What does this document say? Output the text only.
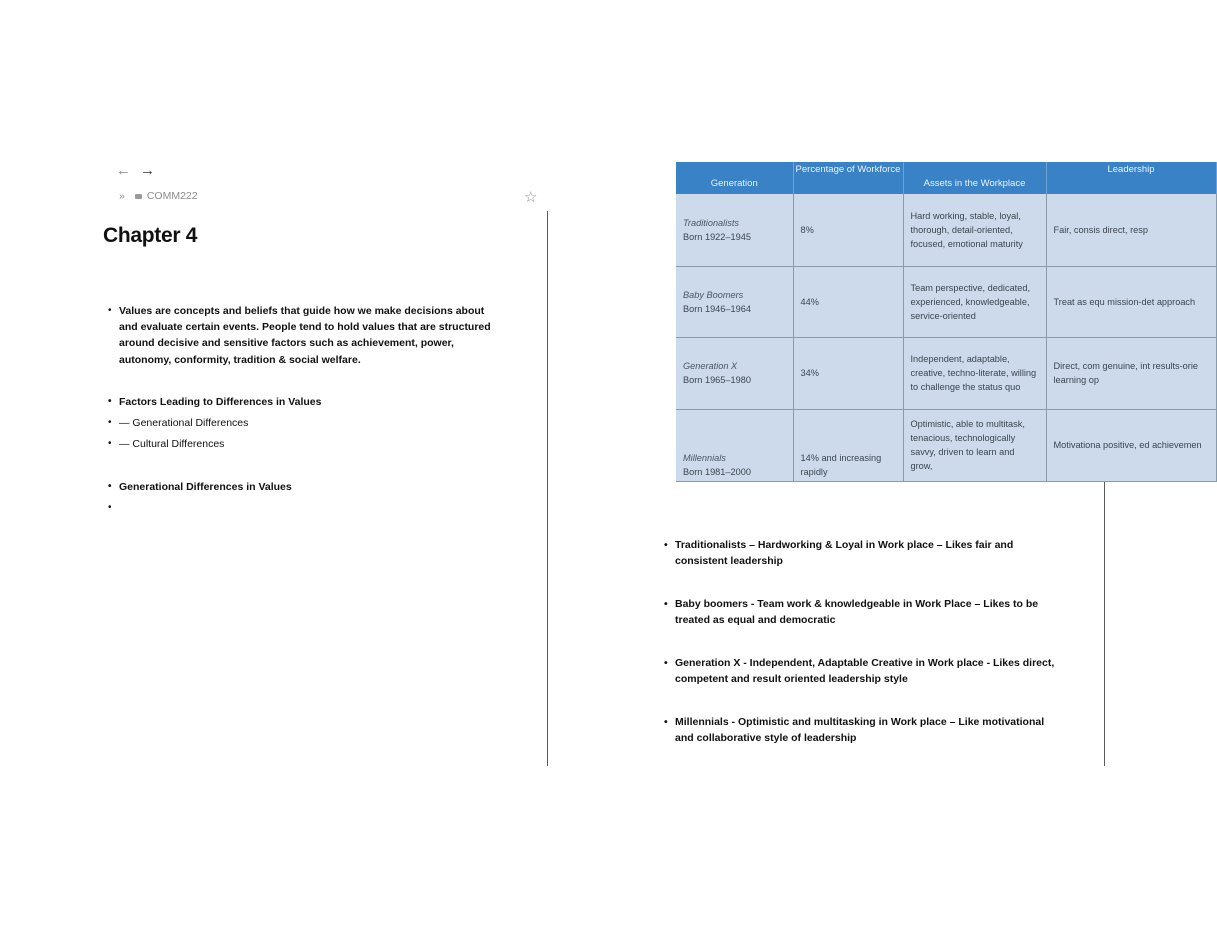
← →
» COMM222	☆
Chapter 4
• Values are concepts and beliefs that guide how we make decisions about and evaluate certain events. People tend to hold values that are structured around decisive and sensitive factors such as achievement, power, autonomy, conformity, tradition & social welfare.
• Factors Leading to Differences in Values
• — Generational Differences
• — Cultural Differences
• Generational Differences in Values
•
Generation	Percentage of Workforce	Assets in the Workplace	Leadership
Traditionalists
Born 1922–1945	8%	Hard working, stable, loyal, thorough, detail-oriented, focused, emotional maturity	Fair, consis direct, resp
Baby Boomers
Born 1946–1964	44%	Team perspective, dedicated, experienced, knowledgeable, service-oriented	Treat as equ mission-det approach
Generation X
Born 1965–1980	34%	Independent, adaptable, creative, techno-literate, willing to challenge the status quo	Direct, com genuine, int results-orie learning op
Millennials
Born 1981–2000	14% and increasing rapidly	Optimistic, able to multitask, tenacious, technologically savvy, driven to learn and grow,	Motivationa positive, ed achievemen
• Traditionalists – Hardworking & Loyal in Work place – Likes fair and consistent leadership
• Baby boomers - Team work & knowledgeable in Work Place – Likes to be treated as equal and democratic
• Generation X - Independent, Adaptable Creative in Work place - Likes direct, competent and result oriented leadership style
• Millennials - Optimistic and multitasking in Work place – Like motivational and collaborative style of leadership
